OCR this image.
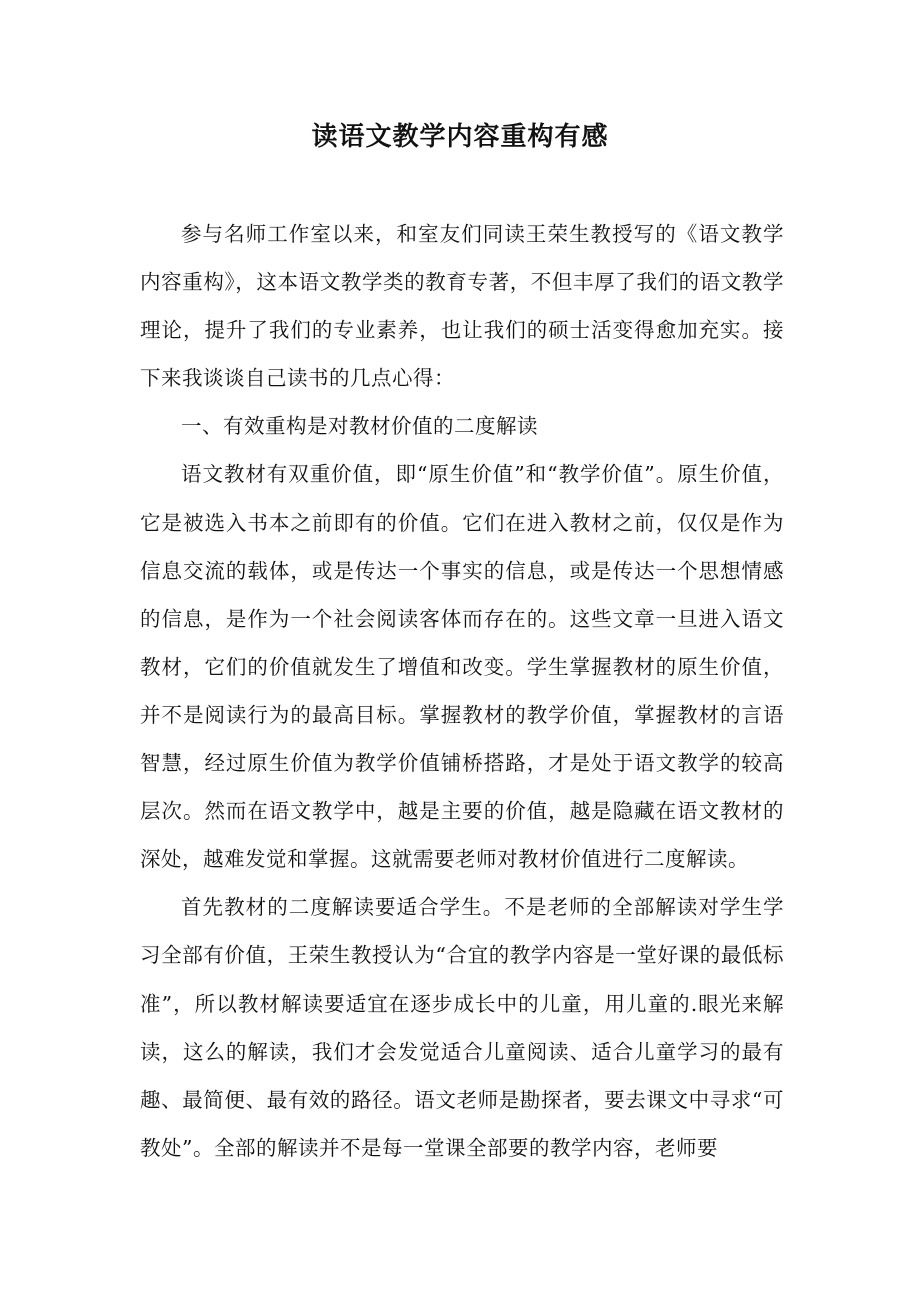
读语文教学内容重构有感

参与名师工作室以来，和室友们同读王荣生教授写的《语文教学内容重构》，这本语文教学类的教育专著，不但丰厚了我们的语文教学理论，提升了我们的专业素养，也让我们的硕士活变得愈加充实。接下来我谈谈自己读书的几点心得：

一、有效重构是对教材价值的二度解读

语文教材有双重价值，即“原生价值”和“教学价值”。原生价值，它是被选入书本之前即有的价值。它们在进入教材之前，仅仅是作为信息交流的载体，或是传达一个事实的信息，或是传达一个思想情感的信息，是作为一个社会阅读客体而存在的。这些文章一旦进入语文教材，它们的价值就发生了增值和改变。学生掌握教材的原生价值，并不是阅读行为的最高目标。掌握教材的教学价值，掌握教材的言语智慧，经过原生价值为教学价值铺桥搭路，才是处于语文教学的较高层次。然而在语文教学中，越是主要的价值，越是隐藏在语文教材的深处，越难发觉和掌握。这就需要老师对教材价值进行二度解读。

首先教材的二度解读要适合学生。不是老师的全部解读对学生学习全部有价值，王荣生教授认为“合宜的教学内容是一堂好课的最低标准”，所以教材解读要适宜在逐步成长中的儿童，用儿童的.眼光来解读，这么的解读，我们才会发觉适合儿童阅读、适合儿童学习的最有趣、最简便、最有效的路径。语文老师是勘探者，要去课文中寻求“可教处”。全部的解读并不是每一堂课全部要的教学内容，老师要
